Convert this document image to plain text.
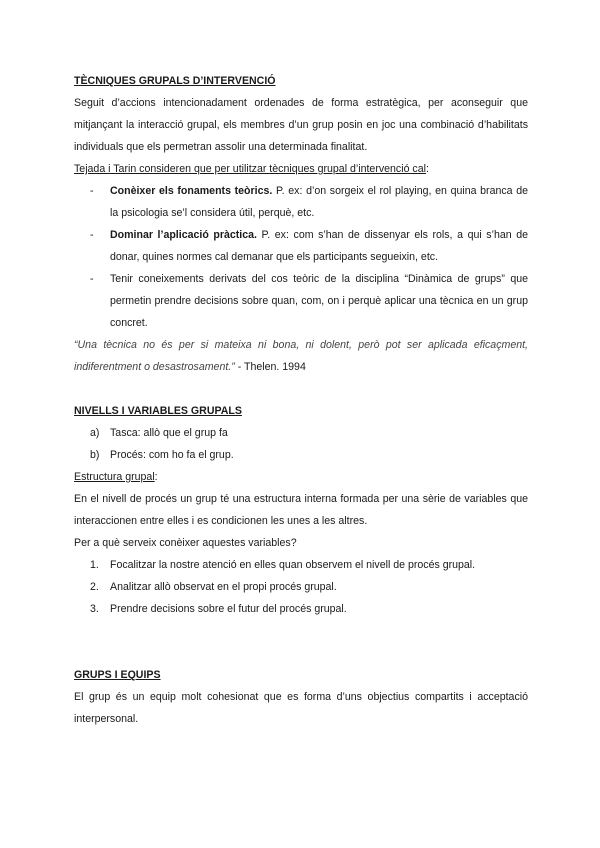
TÈCNIQUES GRUPALS D’INTERVENCIÓ

Seguit d’accions intencionadament ordenades de forma estratègica, per aconseguir que mitjançant la interacció grupal, els membres d’un grup posin en joc una combinació d’habilitats individuals que els permetran assolir una determinada finalitat.

Tejada i Tarin consideren que per utilitzar tècniques grupal d’intervenció cal:

- Conèixer els fonaments teòrics. P. ex: d’on sorgeix el rol playing, en quina branca de la psicologia se’l considera útil, perquè, etc.
- Dominar l’aplicació pràctica. P. ex: com s’han de dissenyar els rols, a qui s’han de donar, quines normes cal demanar que els participants segueixin, etc.
- Tenir coneixements derivats del cos teòric de la disciplina “Dinàmica de grups” que permetin prendre decisions sobre quan, com, on i perquè aplicar una tècnica en un grup concret.

“Una tècnica no és per si mateixa ni bona, ni dolent, però pot ser aplicada eficaçment, indiferentment o desastrosament.” - Thelen. 1994

NIVELLS I VARIABLES GRUPALS

a) Tasca: allò que el grup fa
b) Procés: com ho fa el grup.

Estructura grupal:

En el nivell de procés un grup té una estructura interna formada per una sèrie de variables que interaccionen entre elles i es condicionen les unes a les altres.

Per a què serveix conèixer aquestes variables?

1. Focalitzar la nostre atenció en elles quan observem el nivell de procés grupal.
2. Analitzar allò observat en el propi procés grupal.
3. Prendre decisions sobre el futur del procés grupal.

GRUPS I EQUIPS

El grup és un equip molt cohesionat que es forma d’uns objectius compartits i acceptació interpersonal.
